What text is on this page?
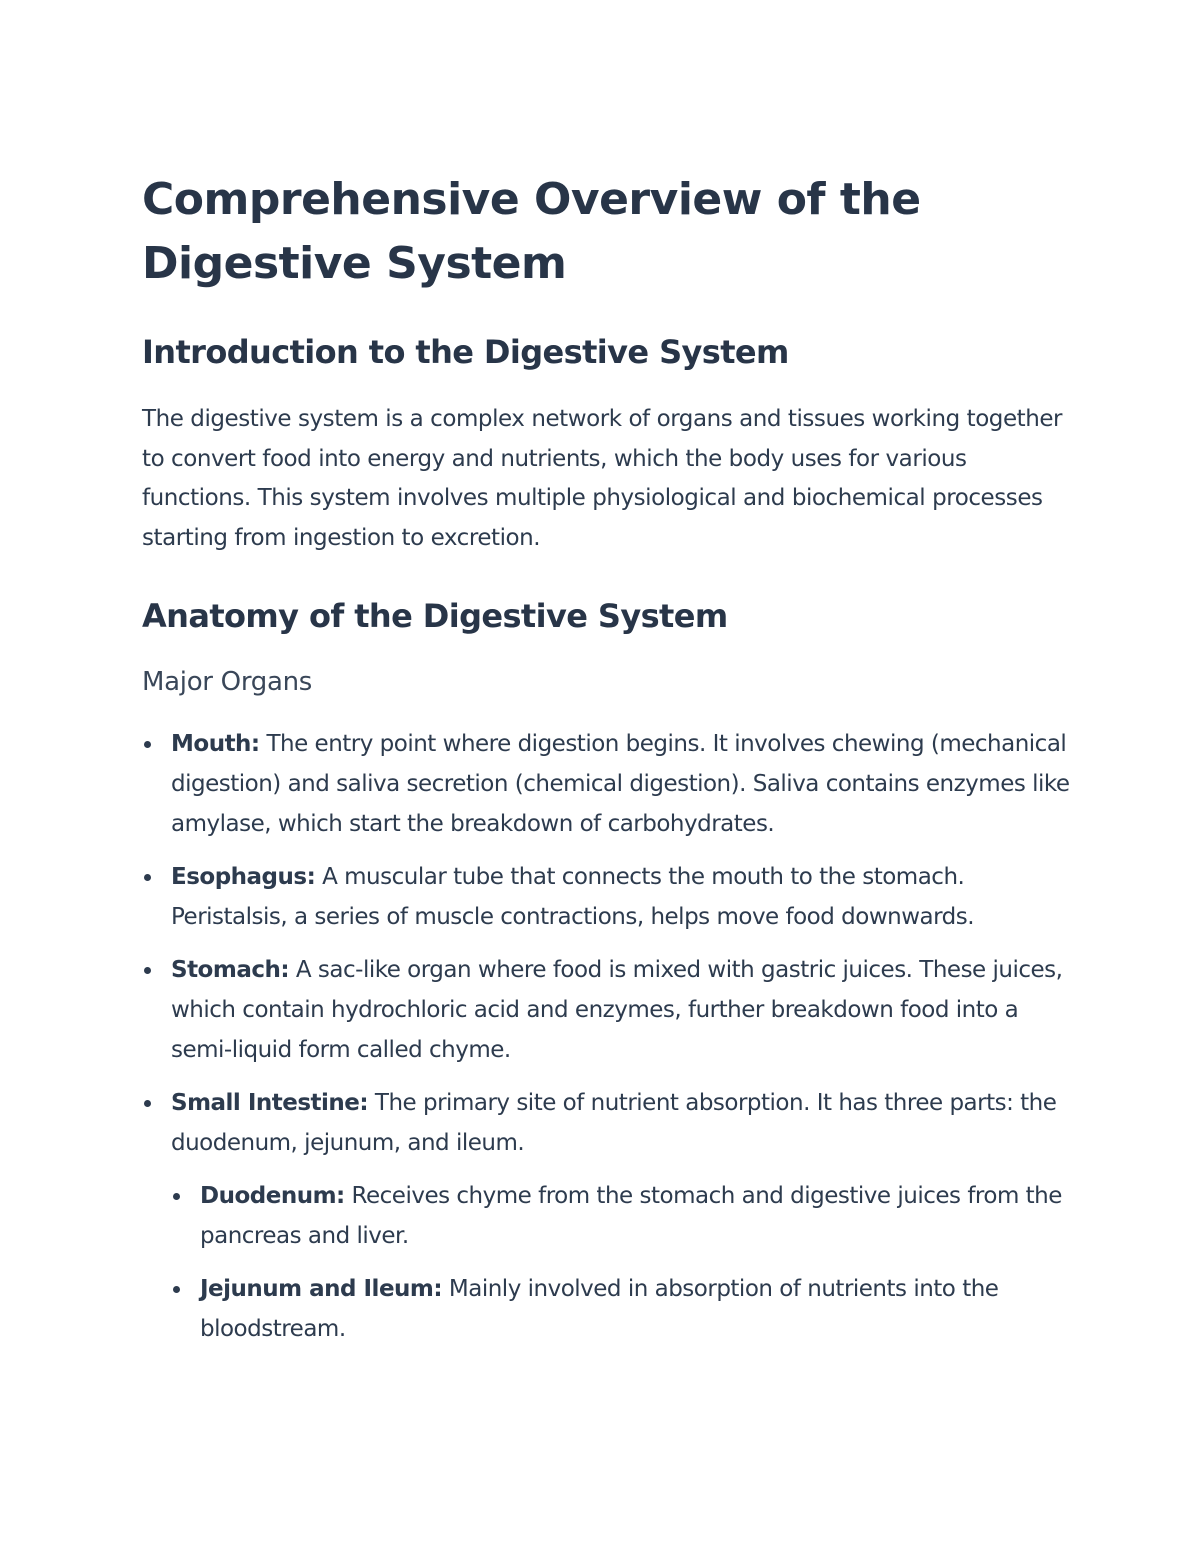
Comprehensive Overview of the Digestive System
Introduction to the Digestive System

The digestive system is a complex network of organs and tissues working together to convert food into energy and nutrients, which the body uses for various functions. This system involves multiple physiological and biochemical processes starting from ingestion to excretion.

Anatomy of the Digestive System
Major Organs
Mouth: The entry point where digestion begins. It involves chewing (mechanical digestion) and saliva secretion (chemical digestion). Saliva contains enzymes like amylase, which start the breakdown of carbohydrates.
Esophagus: A muscular tube that connects the mouth to the stomach. Peristalsis, a series of muscle contractions, helps move food downwards.
Stomach: A sac-like organ where food is mixed with gastric juices. These juices, which contain hydrochloric acid and enzymes, further breakdown food into a semi-liquid form called chyme.
Small Intestine: The primary site of nutrient absorption. It has three parts: the duodenum, jejunum, and ileum.
Duodenum: Receives chyme from the stomach and digestive juices from the pancreas and liver.
Jejunum and Ileum: Mainly involved in absorption of nutrients into the bloodstream.
